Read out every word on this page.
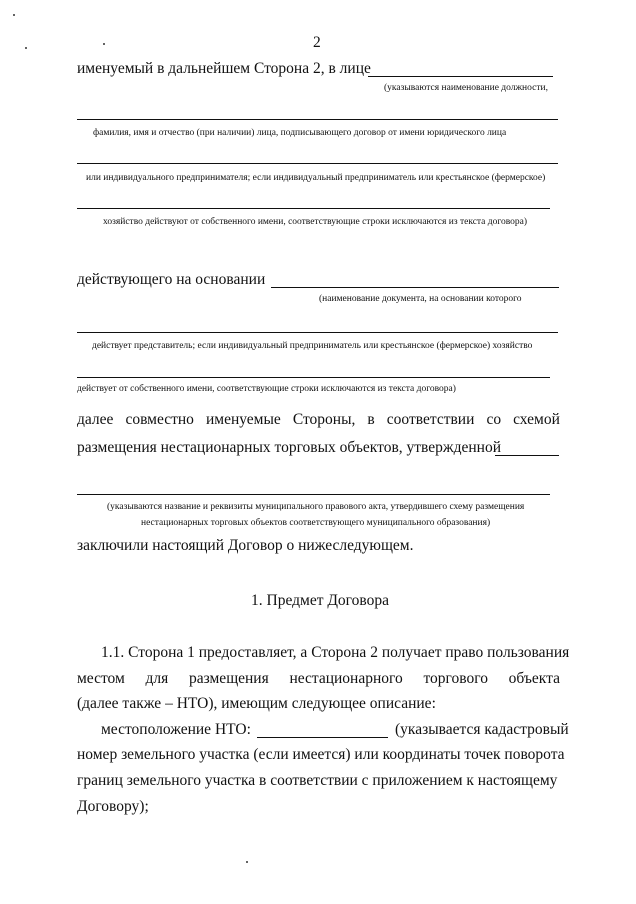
2
именуемый в дальнейшем Сторона 2, в лице
(указываются наименование должности,
фамилия, имя и отчество (при наличии) лица, подписывающего договор от имени юридического лица
или индивидуального предпринимателя; если индивидуальный предприниматель или крестьянское (фермерское)
хозяйство действуют от собственного имени, соответствующие строки исключаются из текста договора)
действующего на основании
(наименование документа, на основании которого
действует представитель; если индивидуальный предприниматель или крестьянское (фермерское) хозяйство
действует от собственного имени, соответствующие строки исключаются из текста договора)
далее совместно именуемые Стороны, в соответствии со схемой
размещения нестационарных торговых объектов, утвержденной
(указываются название и реквизиты муниципального правового акта, утвердившего схему размещения
нестационарных торговых объектов соответствующего муниципального образования)
заключили настоящий Договор о нижеследующем.
1. Предмет Договора
1.1. Сторона 1 предоставляет, а Сторона 2 получает право пользования
местом для размещения нестационарного торгового объекта
(далее также – НТО), имеющим следующее описание:
местоположение НТО:	(указывается кадастровый
номер земельного участка (если имеется) или координаты точек поворота
границ земельного участка в соответствии с приложением к настоящему
Договору);
